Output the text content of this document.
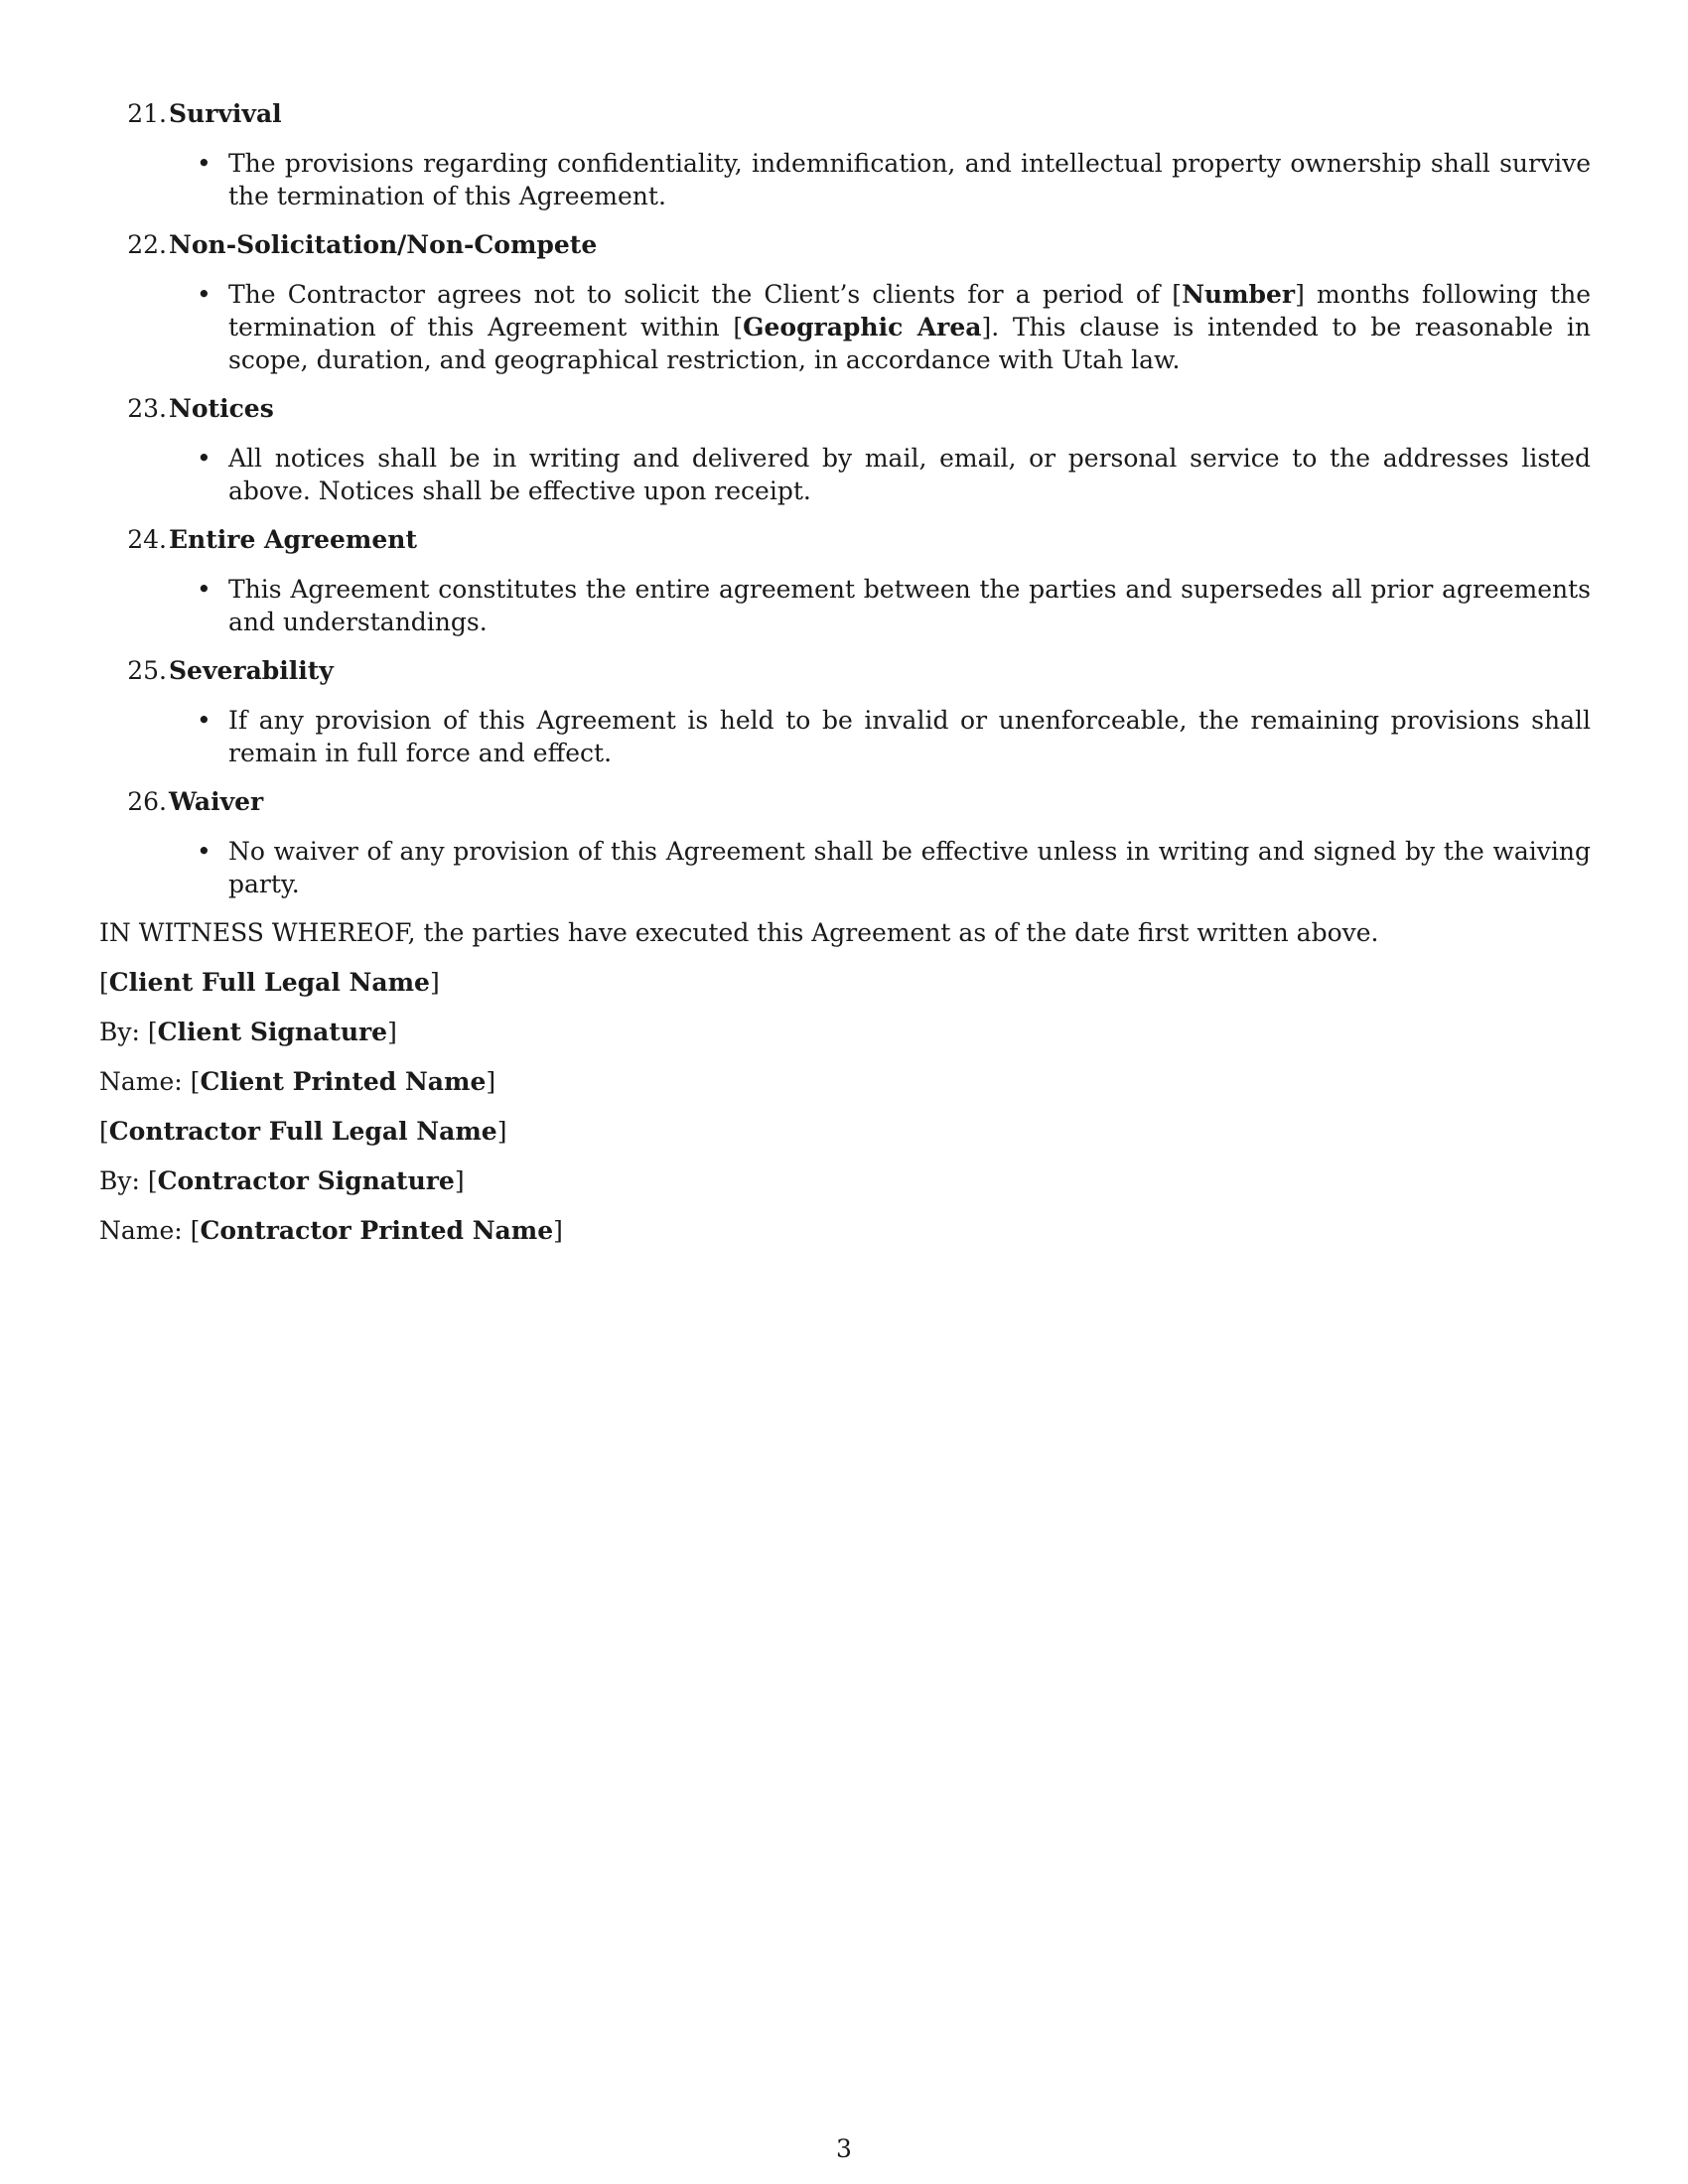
21. Survival
• The provisions regarding confidentiality, indemnification, and intellectual property ownership shall survive the termination of this Agreement.
22. Non-Solicitation/Non-Compete
• The Contractor agrees not to solicit the Client’s clients for a period of [Number] months following the termination of this Agreement within [Geographic Area]. This clause is intended to be reasonable in scope, duration, and geographical restriction, in accordance with Utah law.
23. Notices
• All notices shall be in writing and delivered by mail, email, or personal service to the addresses listed above. Notices shall be effective upon receipt.
24. Entire Agreement
• This Agreement constitutes the entire agreement between the parties and supersedes all prior agreements and understandings.
25. Severability
• If any provision of this Agreement is held to be invalid or unenforceable, the remaining provisions shall remain in full force and effect.
26. Waiver
• No waiver of any provision of this Agreement shall be effective unless in writing and signed by the waiving party.
IN WITNESS WHEREOF, the parties have executed this Agreement as of the date first written above.
[Client Full Legal Name]
By: [Client Signature]
Name: [Client Printed Name]
[Contractor Full Legal Name]
By: [Contractor Signature]
Name: [Contractor Printed Name]
3
